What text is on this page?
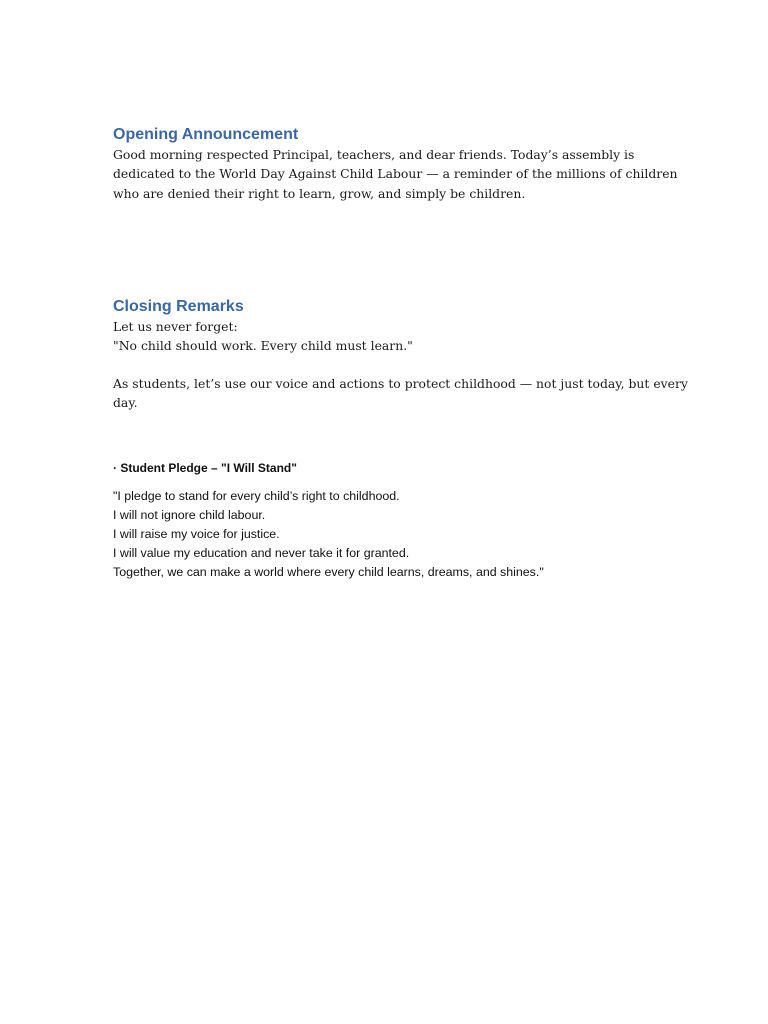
Opening Announcement

Good morning respected Principal, teachers, and dear friends. Today’s assembly is
dedicated to the World Day Against Child Labour — a reminder of the millions of children
who are denied their right to learn, grow, and simply be children.

Closing Remarks

Let us never forget:
"No child should work. Every child must learn."

As students, let’s use our voice and actions to protect childhood — not just today, but every
day.

· Student Pledge – "I Will Stand"

"I pledge to stand for every child’s right to childhood.
I will not ignore child labour.
I will raise my voice for justice.
I will value my education and never take it for granted.
Together, we can make a world where every child learns, dreams, and shines."
